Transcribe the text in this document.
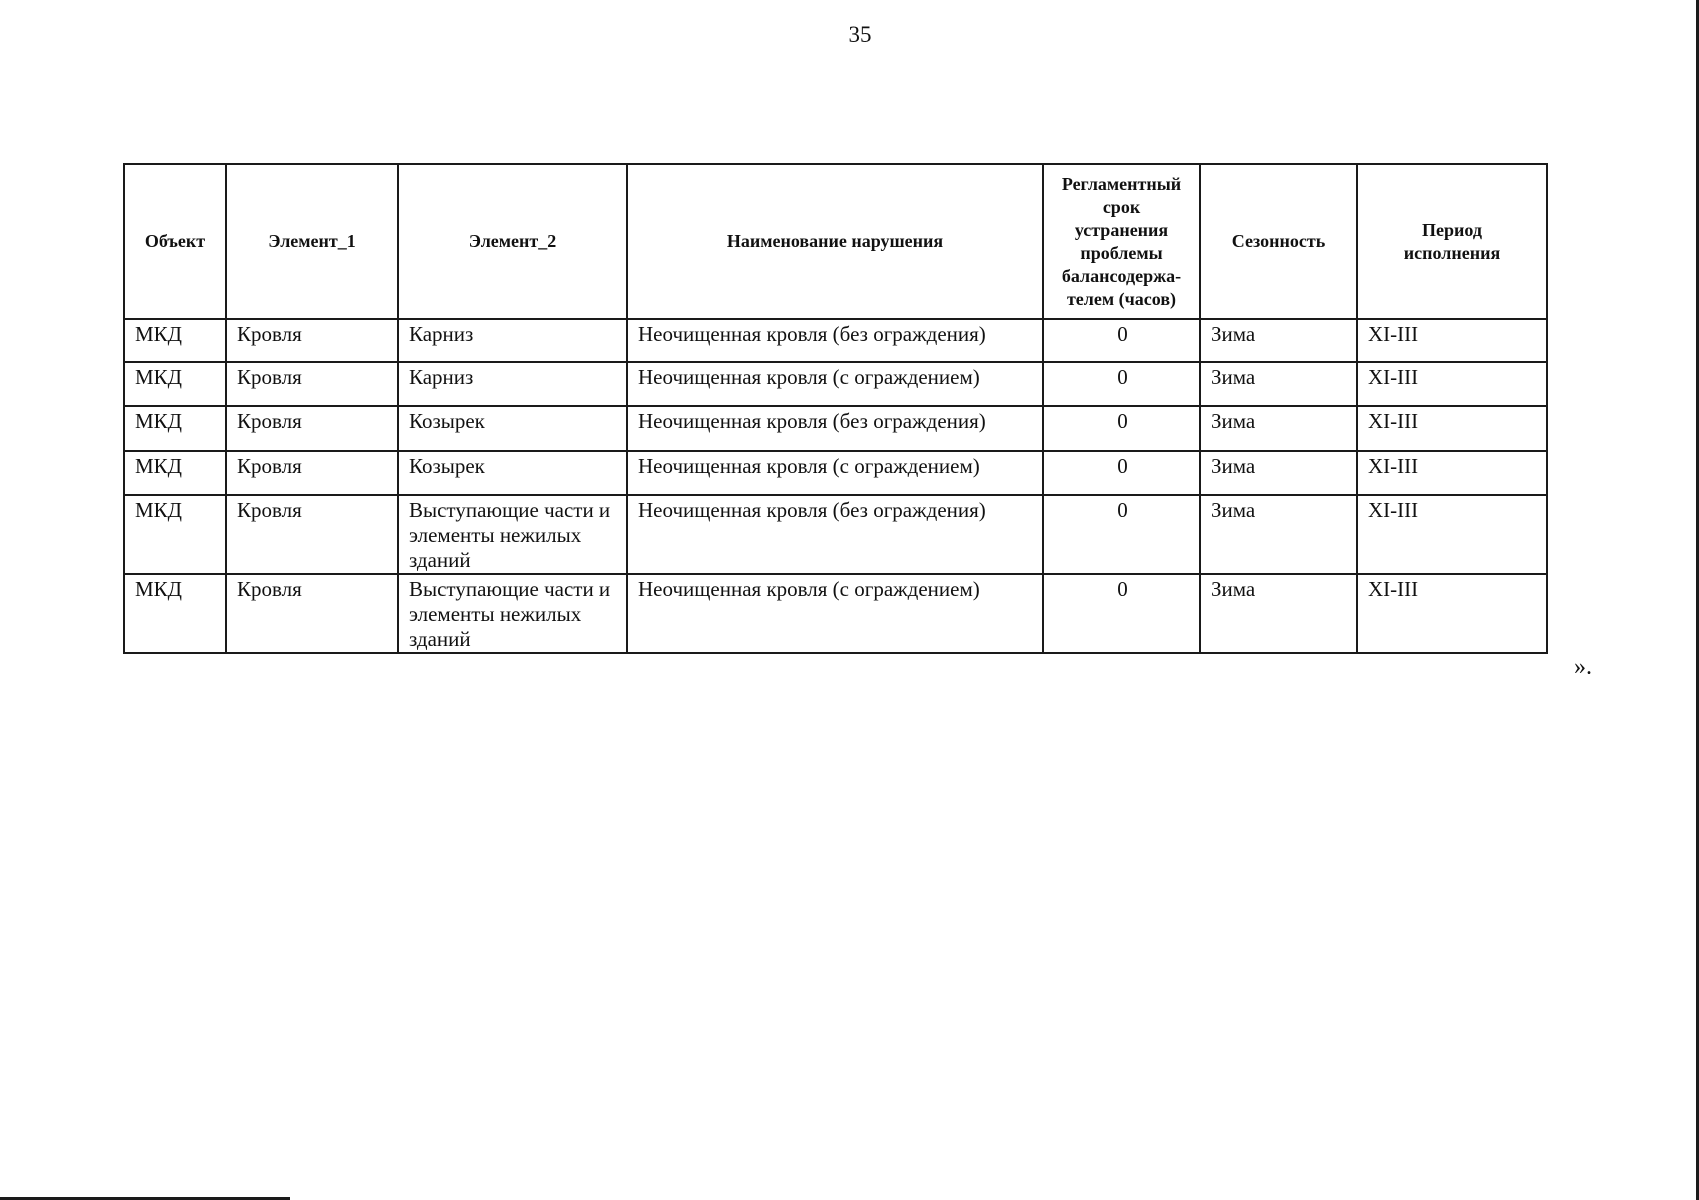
35
Объект	Элемент_1	Элемент_2	Наименование нарушения	Регламентный срок устранения проблемы балансодержа-телем (часов)	Сезонность	Период исполнения
МКД	Кровля	Карниз	Неочищенная кровля (без ограждения)	0	Зима	XI-III
МКД	Кровля	Карниз	Неочищенная кровля (с ограждением)	0	Зима	XI-III
МКД	Кровля	Козырек	Неочищенная кровля (без ограждения)	0	Зима	XI-III
МКД	Кровля	Козырек	Неочищенная кровля (с ограждением)	0	Зима	XI-III
МКД	Кровля	Выступающие части и элементы нежилых зданий	Неочищенная кровля (без ограждения)	0	Зима	XI-III
МКД	Кровля	Выступающие части и элементы нежилых зданий	Неочищенная кровля (с ограждением)	0	Зима	XI-III
».
